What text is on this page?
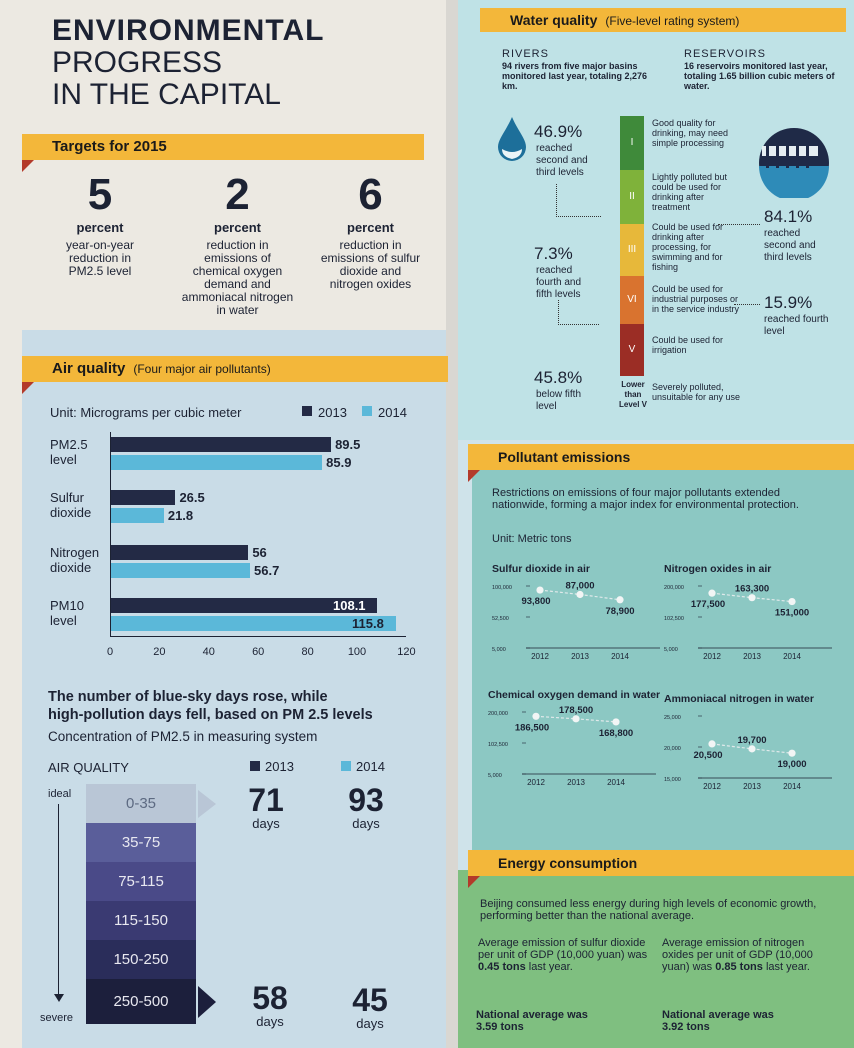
ENVIRONMENTAL
PROGRESS
IN THE CAPITAL
Targets for 2015
5
percent
year-on-year reduction in PM2.5 level
2
percent
reduction in emissions of chemical oxygen demand and ammoniacal nitrogen in water
6
percent
reduction in emissions of sulfur dioxide and nitrogen oxides
Air quality (Four major air pollutants)
Unit: Micrograms per cubic meter	2013 2014
The number of blue-sky days rose, while
high-pollution days fell, based on PM 2.5 levels
Concentration of PM2.5 in measuring system
AIR QUALITY	2013	2014
ideal
severe
0-35
35-75
75-115
115-150
150-250
250-500
71
days
93
days
58
days
45
days
PM2.5
level
89.5
85.9
Sulfur
dioxide
26.5
21.8
Nitrogen
dioxide
56
56.7
PM10
level
108.1
115.8
0	20	40	60	80	100	120
Water quality (Five-level rating system)
RIVERS
94 rivers from five major basins monitored last year, totaling 2,276 km.
RESERVOIRS
16 reservoirs monitored last year, totaling 1.65 billion cubic meters of water.
46.9%
reached second and third levels
7.3%
reached fourth and fifth levels
45.8%
below fifth level
84.1%
reached second and third levels
15.9%
reached fourth level
I
II
III
VI
V
Lower than Level V
Good quality for drinking, may need simple processing
Lightly polluted but could be used for drinking after treatment
Could be used for drinking after processing, for swimming and for fishing
Could be used for industrial purposes or in the service industry
Could be used for irrigation
Severely polluted, unsuitable for any use
Pollutant emissions
Restrictions on emissions of four major pollutants extended nationwide, forming a major index for environmental protection.
Unit: Metric tons
Sulfur dioxide in air
100,000
52,500
5,000
93,800
2012
87,000
2013
78,900
2014
Nitrogen oxides in air
200,000
102,500
5,000
177,500
2012
163,300
2013
151,000
2014
Chemical oxygen demand in water
200,000
102,500
5,000
186,500
2012
178,500
2013
168,800
2014
Ammoniacal nitrogen in water
25,000
20,000
15,000
20,500
2012
19,700
2013
19,000
2014
Energy consumption
Beijing consumed less energy during high levels of economic growth, performing better than the national average.
Average emission of sulfur dioxide per unit of GDP (10,000 yuan) was 0.45 tons last year.
Average emission of nitrogen oxides per unit of GDP (10,000 yuan) was 0.85 tons last year.
National average was
3.59 tons
National average was
3.92 tons
